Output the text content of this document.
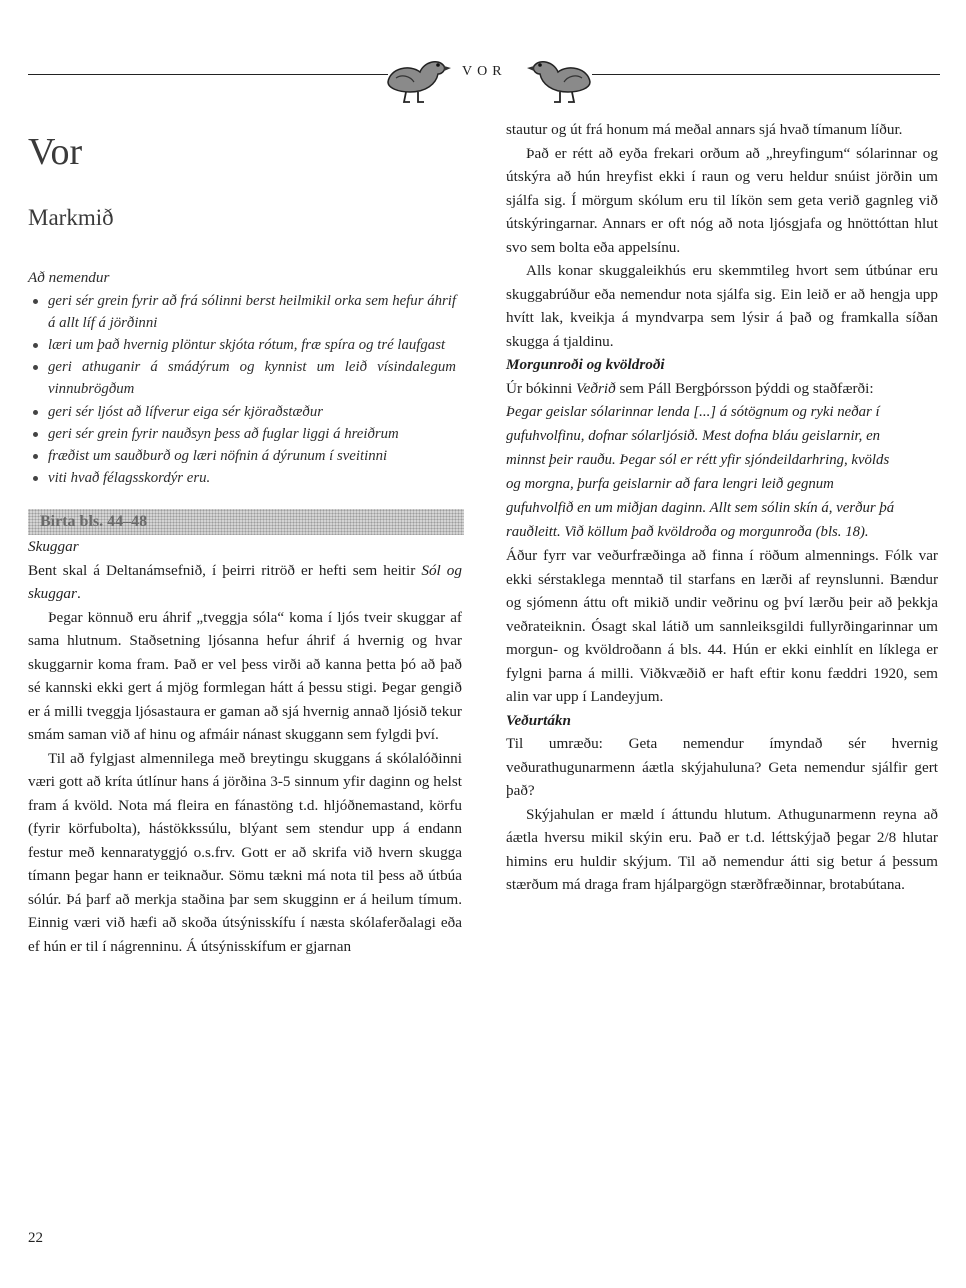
VOR
Vor
Markmið

Að nemendur

geri sér grein fyrir að frá sólinni berst heilmikil orka sem hefur áhrif á allt líf á jörðinni
læri um það hvernig plöntur skjóta rótum, fræ spíra og tré laufgast
geri athuganir á smádýrum og kynnist um leið vísindalegum vinnubrögðum
geri sér ljóst að lífverur eiga sér kjöraðstæður
geri sér grein fyrir nauðsyn þess að fuglar liggi á hreiðrum
fræðist um sauðburð og læri nöfnin á dýrunum í sveitinni
viti hvað félagsskordýr eru.
Birta bls. 44–48

Skuggar

Bent skal á Deltanámsefnið, í þeirri ritröð er hefti sem heitir Sól og skuggar.

Þegar könnuð eru áhrif „tveggja sóla“ koma í ljós tveir skuggar af sama hlutnum. Staðsetning ljósanna hefur áhrif á hvernig og hvar skuggarnir koma fram. Það er vel þess virði að kanna þetta þó að það sé kannski ekki gert á mjög formlegan hátt á þessu stigi. Þegar gengið er á milli tveggja ljósastaura er gaman að sjá hvernig annað ljósið tekur smám saman við af hinu og afmáir nánast skuggann sem fylgdi því.

Til að fylgjast almennilega með breytingu skuggans á skólalóðinni væri gott að kríta útlínur hans á jörðina 3-5 sinnum yfir daginn og helst fram á kvöld. Nota má fleira en fánastöng t.d. hljóðnemastand, körfu (fyrir körfubolta), hástökkssúlu, blýant sem stendur upp á endann festur með kennaratyggjó o.s.frv. Gott er að skrifa við hvern skugga tímann þegar hann er teiknaður. Sömu tækni má nota til þess að útbúa sólúr. Þá þarf að merkja staðina þar sem skugginn er á heilum tímum. Einnig væri við hæfi að skoða útsýnisskífu í næsta skólaferðalagi eða ef hún er til í nágrenninu. Á útsýnisskífum er gjarnan

stautur og út frá honum má meðal annars sjá hvað tímanum líður.

Það er rétt að eyða frekari orðum að „hreyfingum“ sólarinnar og útskýra að hún hreyfist ekki í raun og veru heldur snúist jörðin um sjálfa sig. Í mörgum skólum eru til líkön sem geta verið gagnleg við útskýringarnar. Annars er oft nóg að nota ljósgjafa og hnöttóttan hlut svo sem bolta eða appelsínu.

Alls konar skuggaleikhús eru skemmtileg hvort sem útbúnar eru skuggabrúður eða nemendur nota sjálfa sig. Ein leið er að hengja upp hvítt lak, kveikja á myndvarpa sem lýsir á það og framkalla síðan skugga á tjaldinu.

Morgunroði og kvöldroði

Úr bókinni Veðrið sem Páll Bergþórsson þýddi og staðfærði:

Þegar geislar sólarinnar lenda [...] á sótögnum og ryki neðar í gufuhvolfinu, dofnar sólarljósið. Mest dofna bláu geislarnir, en minnst þeir rauðu. Þegar sól er rétt yfir sjóndeildarhring, kvölds og morgna, þurfa geislarnir að fara lengri leið gegnum gufuhvolfið en um miðjan daginn. Allt sem sólin skín á, verður þá rauðleitt. Við köllum það kvöldroða og morgunroða (bls. 18).

Áður fyrr var veðurfræðinga að finna í röðum almennings. Fólk var ekki sérstaklega menntað til starfans en lærði af reynslunni. Bændur og sjómenn áttu oft mikið undir veðrinu og því lærðu þeir að þekkja veðrateiknin. Ósagt skal látið um sannleiksgildi fullyrðingarinnar um morgun- og kvöldroðann á bls. 44. Hún er ekki einhlít en líklega er fylgni þarna á milli. Viðkvæðið er haft eftir konu fæddri 1920, sem alin var upp í Landeyjum.

Veðurtákn

Til umræðu: Geta nemendur ímyndað sér hvernig veðurathugunarmenn áætla skýjahuluna? Geta nemendur sjálfir gert það?

Skýjahulan er mæld í áttundu hlutum. Athugunarmenn reyna að áætla hversu mikil skýin eru. Það er t.d. léttskýjað þegar 2/8 hlutar himins eru huldir skýjum. Til að nemendur átti sig betur á þessum stærðum má draga fram hjálpargögn stærðfræðinnar, brotabútana.

22
